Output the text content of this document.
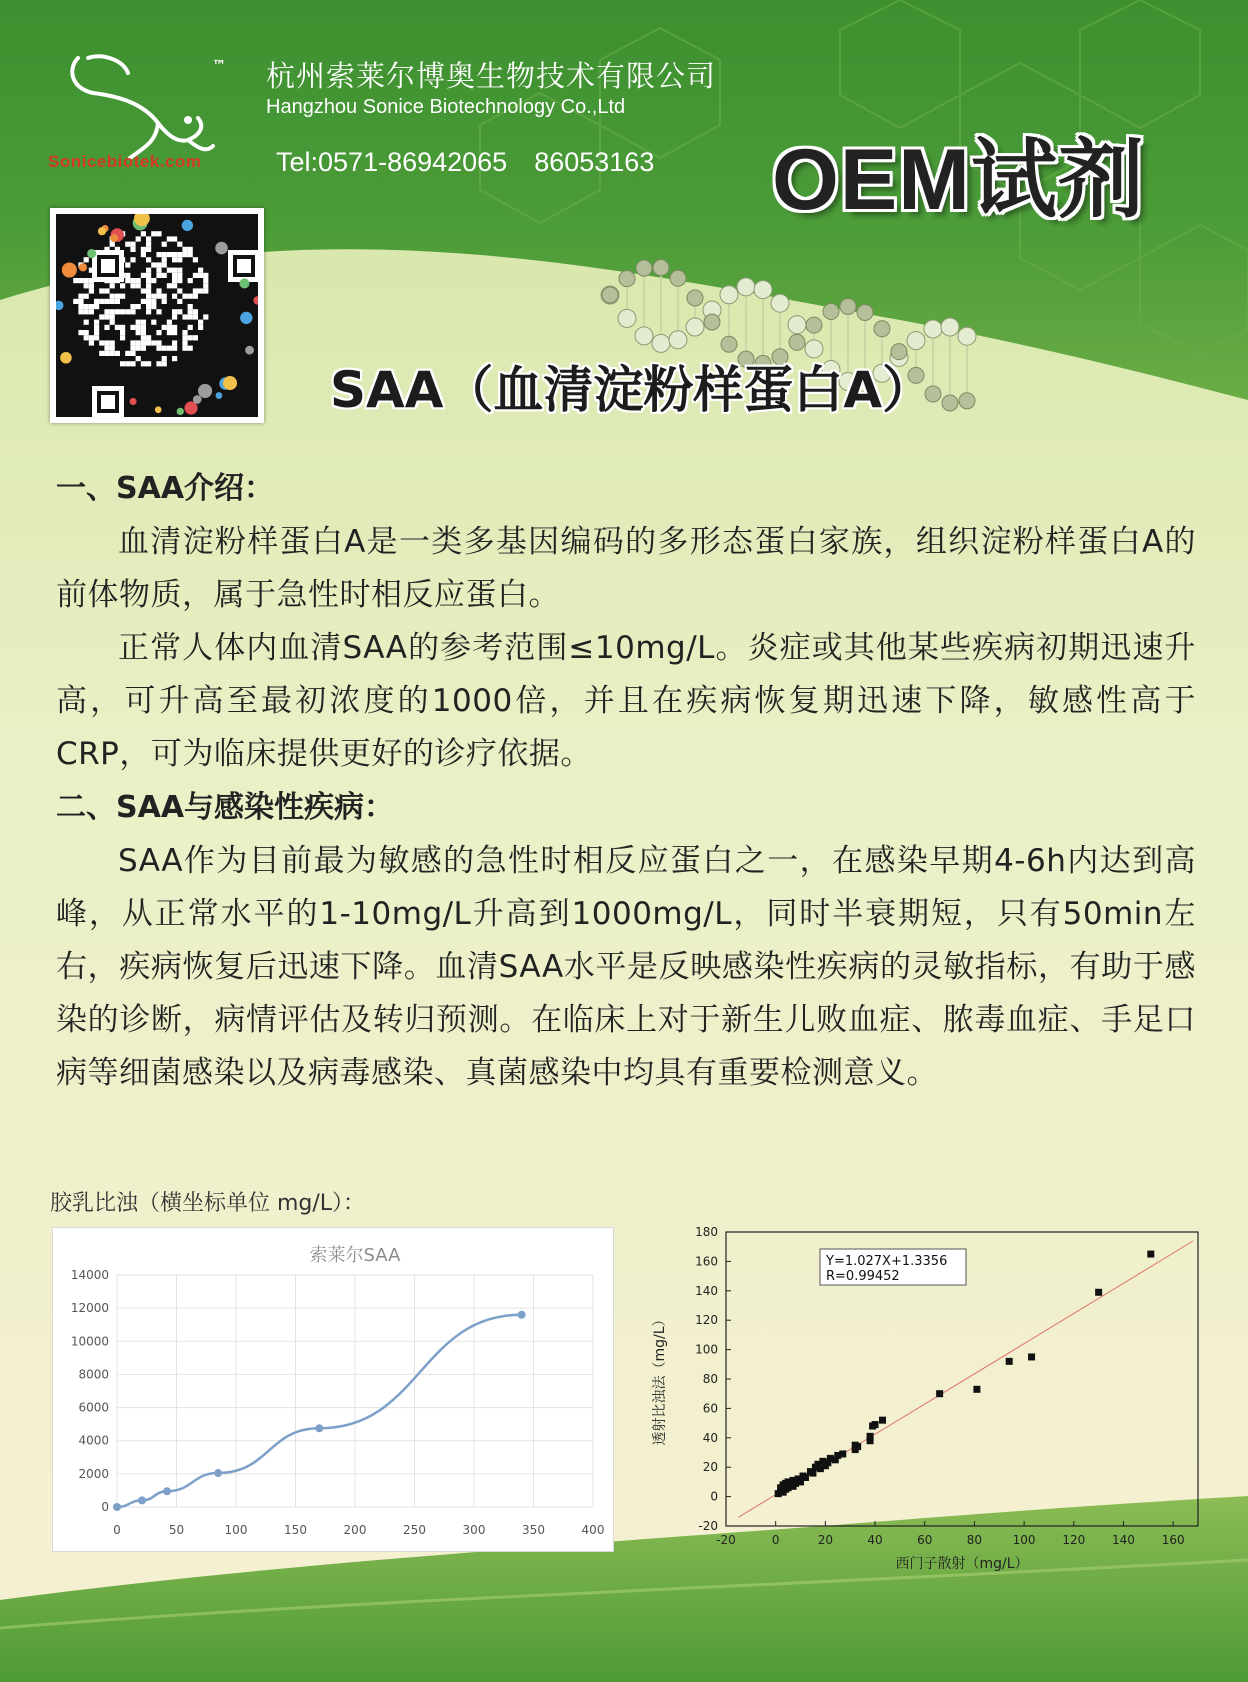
™
Sonicebiotek.com
杭州索莱尔博奥生物技术有限公司
Hangzhou Sonice Biotechnology Co.,Ltd
Tel:0571-86942065　86053163 OEM试剂
SAA（血清淀粉样蛋白A）

一、SAA介绍：

血清淀粉样蛋白A是一类多基因编码的多形态蛋白家族，组织淀粉样蛋白A的前体物质，属于急性时相反应蛋白。

正常人体内血清SAA的参考范围≤10mg/L。炎症或其他某些疾病初期迅速升高，可升高至最初浓度的1000倍，并且在疾病恢复期迅速下降，敏感性高于CRP，可为临床提供更好的诊疗依据。

二、SAA与感染性疾病：

SAA作为目前最为敏感的急性时相反应蛋白之一，在感染早期4-6h内达到高峰，从正常水平的1-10mg/L升高到1000mg/L，同时半衰期短，只有50min左右，疾病恢复后迅速下降。血清SAA水平是反映感染性疾病的灵敏指标，有助于感染的诊断，病情评估及转归预测。在临床上对于新生儿败血症、脓毒血症、手足口病等细菌感染以及病毒感染、真菌感染中均具有重要检测意义。

胶乳比浊（横坐标单位 mg/L）：
索莱尔SAA
0
2000
4000
6000
8000
10000
12000
14000
0	50	100	150	200	250	300	350	400	-20
0
20
40
60
80
100
120
140
160
180
-20	0	20	40	60	80	100 120 140 160
Y=1.027X+1.3356
R=0.99452
西门子散射（mg/L）
透射比浊法（mg/L）
